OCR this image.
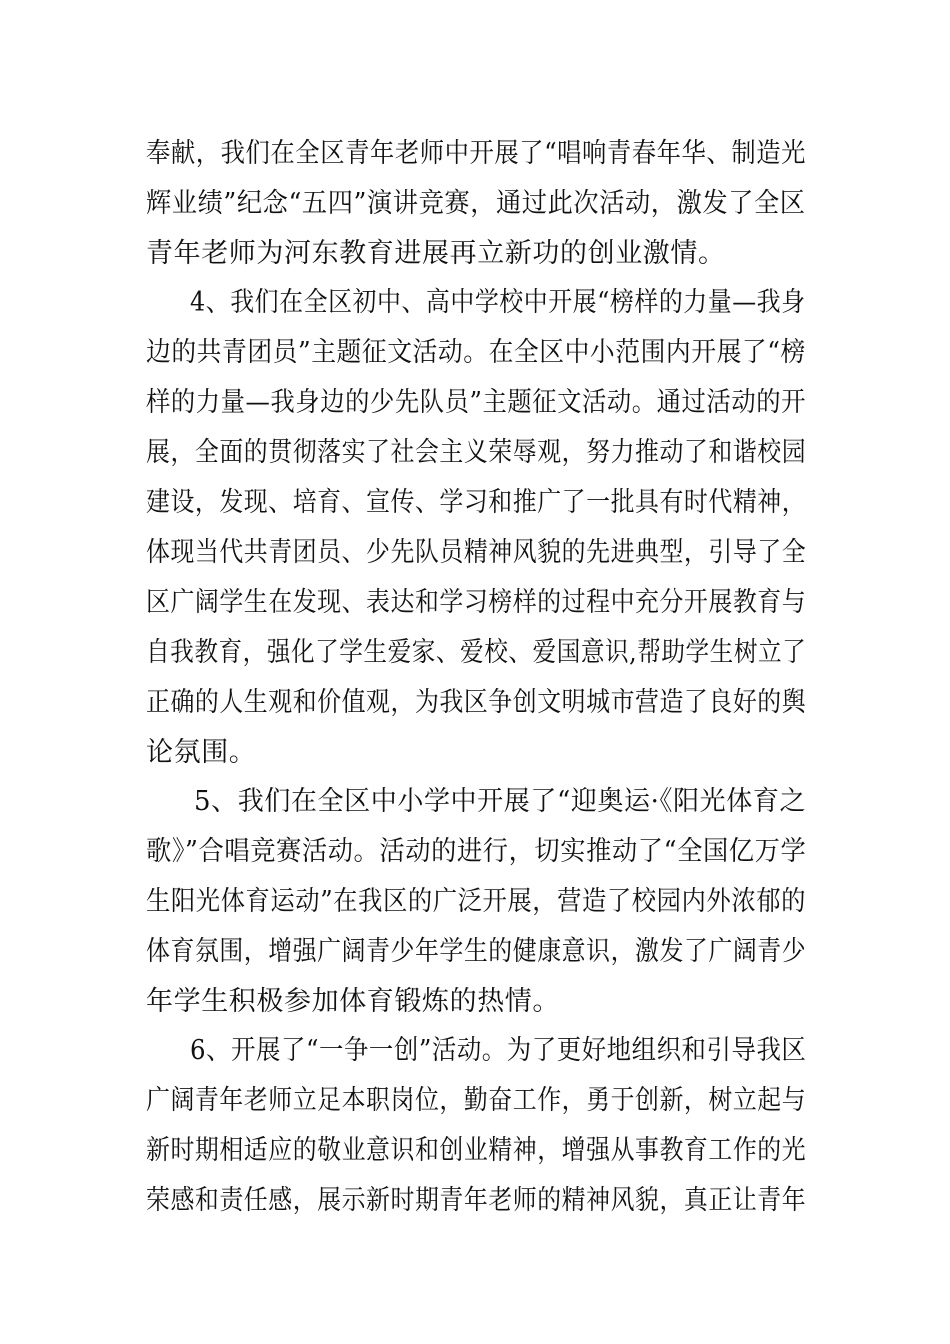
奉献，我们在全区青年老师中开展了“唱响青春年华、制造光
辉业绩”纪念“五四”演讲竞赛，通过此次活动，激发了全区
青年老师为河东教育进展再立新功的创业激情。
4、我们在全区初中、高中学校中开展“榜样的力量—我身
边的共青团员”主题征文活动。在全区中小范围内开展了“榜
样的力量—我身边的少先队员”主题征文活动。通过活动的开
展，全面的贯彻落实了社会主义荣辱观，努力推动了和谐校园
建设，发现、培育、宣传、学习和推广了一批具有时代精神，
体现当代共青团员、少先队员精神风貌的先进典型，引导了全
区广阔学生在发现、表达和学习榜样的过程中充分开展教育与
自我教育，强化了学生爱家、爱校、爱国意识,帮助学生树立了
正确的人生观和价值观，为我区争创文明城市营造了良好的舆
论氛围。
5、我们在全区中小学中开展了“迎奥运·《阳光体育之
歌》”合唱竞赛活动。活动的进行，切实推动了“全国亿万学
生阳光体育运动”在我区的广泛开展，营造了校园内外浓郁的
体育氛围，增强广阔青少年学生的健康意识，激发了广阔青少
年学生积极参加体育锻炼的热情。
6、开展了“一争一创”活动。为了更好地组织和引导我区
广阔青年老师立足本职岗位，勤奋工作，勇于创新，树立起与
新时期相适应的敬业意识和创业精神，增强从事教育工作的光
荣感和责任感，展示新时期青年老师的精神风貌，真正让青年
